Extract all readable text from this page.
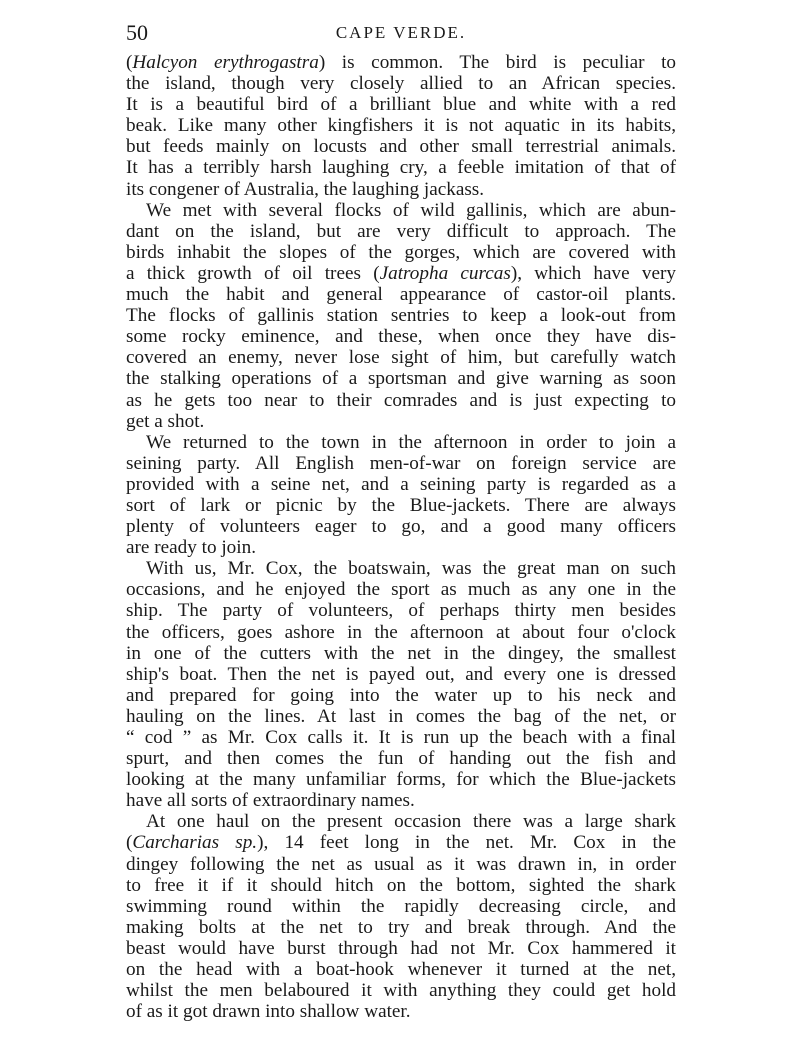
50	CAPE VERDE.
(Halcyon erythrogastra) is common. The bird is peculiar to
the island, though very closely allied to an African species.
It is a beautiful bird of a brilliant blue and white with a red
beak. Like many other kingfishers it is not aquatic in its habits,
but feeds mainly on locusts and other small terrestrial animals.
It has a terribly harsh laughing cry, a feeble imitation of that of
its congener of Australia, the laughing jackass.
We met with several flocks of wild gallinis, which are abun-
dant on the island, but are very difficult to approach. The
birds inhabit the slopes of the gorges, which are covered with
a thick growth of oil trees (Jatropha curcas), which have very
much the habit and general appearance of castor-oil plants.
The flocks of gallinis station sentries to keep a look-out from
some rocky eminence, and these, when once they have dis-
covered an enemy, never lose sight of him, but carefully watch
the stalking operations of a sportsman and give warning as soon
as he gets too near to their comrades and is just expecting to
get a shot.
We returned to the town in the afternoon in order to join a
seining party. All English men-of-war on foreign service are
provided with a seine net, and a seining party is regarded as a
sort of lark or picnic by the Blue-jackets. There are always
plenty of volunteers eager to go, and a good many officers
are ready to join.
With us, Mr. Cox, the boatswain, was the great man on such
occasions, and he enjoyed the sport as much as any one in the
ship. The party of volunteers, of perhaps thirty men besides
the officers, goes ashore in the afternoon at about four o'clock
in one of the cutters with the net in the dingey, the smallest
ship's boat. Then the net is payed out, and every one is dressed
and prepared for going into the water up to his neck and
hauling on the lines. At last in comes the bag of the net, or
“ cod ” as Mr. Cox calls it. It is run up the beach with a final
spurt, and then comes the fun of handing out the fish and
looking at the many unfamiliar forms, for which the Blue-jackets
have all sorts of extraordinary names.
At one haul on the present occasion there was a large shark
(Carcharias sp.), 14 feet long in the net. Mr. Cox in the
dingey following the net as usual as it was drawn in, in order
to free it if it should hitch on the bottom, sighted the shark
swimming round within the rapidly decreasing circle, and
making bolts at the net to try and break through. And the
beast would have burst through had not Mr. Cox hammered it
on the head with a boat-hook whenever it turned at the net,
whilst the men belaboured it with anything they could get hold
of as it got drawn into shallow water.
